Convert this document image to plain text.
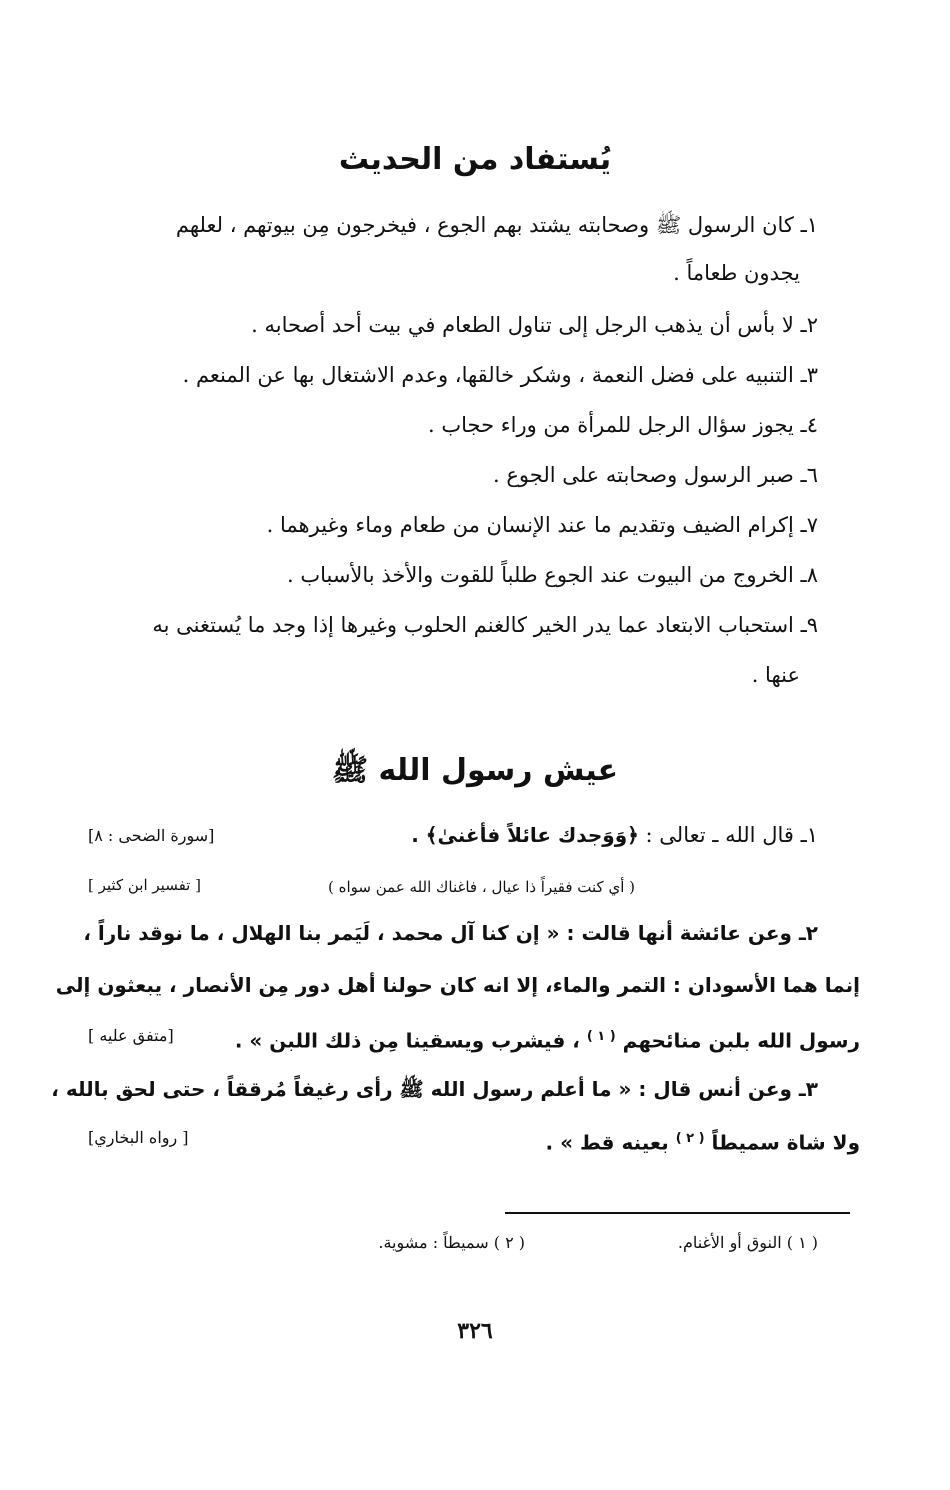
يُستفاد من الحديث
١ـ كان الرسول ﷺ وصحابته يشتد بهم الجوع ، فيخرجون مِن بيوتهم ، لعلهم
يجدون طعاماً .
٢ـ لا بأس أن يذهب الرجل إلى تناول الطعام في بيت أحد أصحابه .
٣ـ التنبيه على فضل النعمة ، وشكر خالقها، وعدم الاشتغال بها عن المنعم .
٤ـ يجوز سؤال الرجل للمرأة من وراء حجاب .
٦ـ صبر الرسول وصحابته على الجوع .
٧ـ إكرام الضيف وتقديم ما عند الإنسان من طعام وماء وغيرهما .
٨ـ الخروج من البيوت عند الجوع طلباً للقوت والأخذ بالأسباب .
٩ـ استحباب الابتعاد عما يدر الخير كالغنم الحلوب وغيرها إذا وجد ما يُستغنى به
عنها .
عيش رسول الله ﷺ
١ـ قال الله ـ تعالى : ﴿وَوَجدك عائلاً فأغنىٰ﴾ .
[سورة الضحى : ٨]
( أي كنت فقيراً ذا عيال ، فاغناك الله عمن سواه )
[ تفسير ابن كثير ]
٢ـ وعن عائشة أنها قالت : « إن كنا آل محمد ، لَيَمر بنا الهلال ، ما نوقد ناراً ،
إنما هما الأسودان : التمر والماء، إلا انه كان حولنا أهل دور مِن الأنصار ، يبعثون إلى
رسول الله بلبن منائحهم $^{( ١ )}$ ، فيشرب ويسقينا مِن ذلك اللبن » .
[متفق عليه ]
٣ـ وعن أنس قال : « ما أعلم رسول الله ﷺ رأى رغيفاً مُرققاً ، حتى لحق بالله ،
ولا شاة سميطاً $^{( ٢ )}$ بعينه قط » .
[ رواه البخاري]
( ١ ) النوق أو الأغنام.
( ٢ ) سميطاً : مشوية.
٣٢٦
